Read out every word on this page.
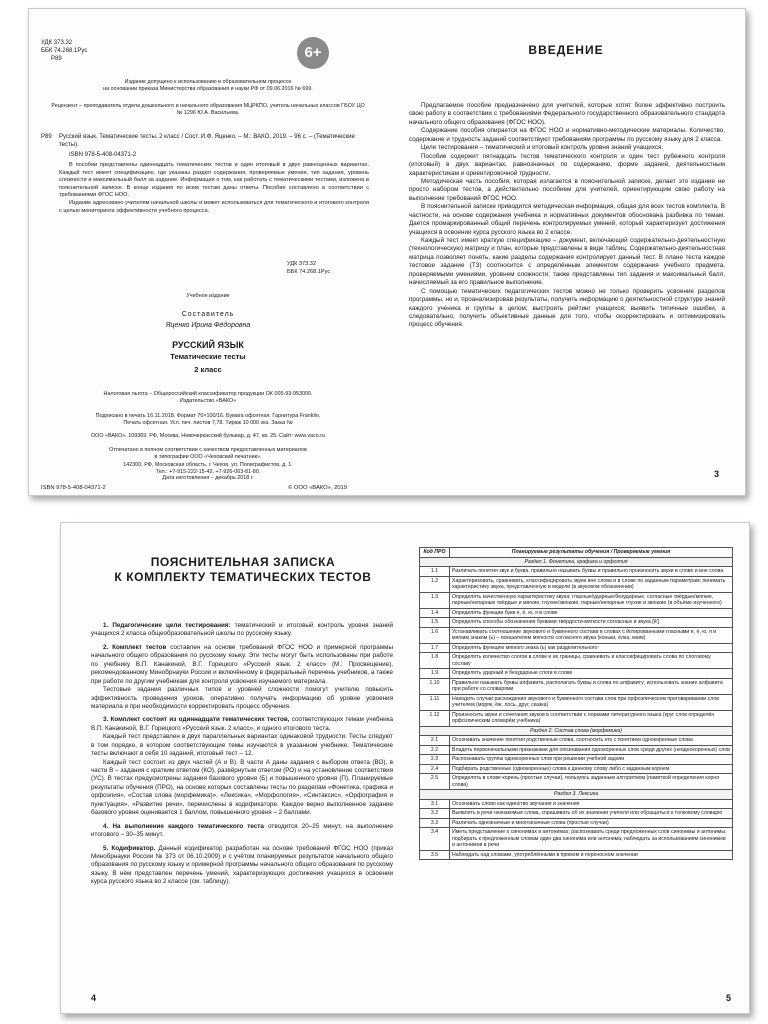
УДК 373.32
ББК 74.268.1Рус
Р89	6+
Издание допущено к использованию в образовательном процессе
на основании приказа Министерства образования и науки РФ от 09.06.2016 № 699.
Рецензент – преподаватель отдела дошкольного и начального образования МЦРКПО, учитель начальных классов ГБОУ ЦО № 1296 Ю.А. Васильева.
Р89 Русский язык. Тематические тесты. 2 класс / Сост. И.Ф. Яценко. – М.: ВАКО, 2019. – 96 с. – (Тематические тесты).
ISBN 978-5-408-04371-2
В пособии представлены одиннадцать тематических тестов и один итоговый в двух равноценных вариантах. Каждый тест имеет спецификацию, где указаны раздел содержания, проверяемые умения, тип задания, уровень сложности и максимальный балл за задание. Информация о том, как работать с тематическими тестами, изложена в пояснительной записке. В конце издания по всем тестам даны ответы. Пособие составлено в соответствии с требованиями ФГОС НОО.
Издание адресовано учителям начальной школы и может использоваться для тематического и итогового контроля с целью мониторинга эффективности учебного процесса.
УДК 373.32
ББК 74.268.1Рус
Учебное издание
Составитель
Яценко Ирина Фёдоровна
РУССКИЙ ЯЗЫК
Тематические тесты
2 класс
Налоговая льгота – Общероссийский классификатор продукции ОК 005-93-953000.
Издательство «ВАКО»
Подписано в печать 16.11.2018. Формат 70×100/16. Бумага офсетная. Гарнитура Franklin.
Печать офсетная. Усл. печ. листов 7,78. Тираж 10 000 экз. Заказ №
ООО «ВАКО». 109369, РФ, Москва, Новочеркасский бульвар, д. 47, кв. 25. Сайт: www.vaco.ru
Отпечатано в полном соответствии с качеством предоставленных материалов
в типографии ООО «Чеховский печатник».
142300, РФ, Московская область, г. Чехов, ул. Полиграфистов, д. 1.
Тел.: +7-915-222-15-42, +7-926-063-81-80.
Дата изготовления – декабрь 2018 г.
ISBN 978-5-408-04371-2	© ООО «ВАКО», 2019
ВВЕДЕНИЕ

Предлагаемое пособие предназначено для учителей, которые хотят более эффективно построить свою работу в соответствии с требованиями Федерального государственного образовательного стандарта начального общего образования (ФГОС НОО).

Содержание пособия опирается на ФГОС НОО и нормативно-методические материалы. Количество, содержание и трудность заданий соответствуют требованиям программы по русскому языку для 2 класса.

Цели тестирования – тематический и итоговый контроль уровня знаний учащихся.

Пособие содержит пятнадцать тестов тематического контроля и один тест рубежного контроля (итоговый) в двух вариантах, равнозначных по содержанию, форме заданий, деятельностным характеристикам и ориентировочной трудности.

Методическая часть пособия, которая излагается в пояснительной записке, делает это издание не просто набором тестов, а действительно пособием для учителей, ориентирующим свою работу на выполнение требований ФГОС НОО.

В пояснительной записке приводится методическая информация, общая для всех тестов комплекта. В частности, на основе содержания учебника и нормативных документов обоснована разбивка по темам. Дается промаркированный общий перечень контролируемых умений, который характеризует достижения учащихся в освоении курса русского языка во 2 классе.

Каждый тест имеет краткую спецификацию – документ, включающий содержательно-деятельностную (технологическую) матрицу и план, которые представлены в виде таблиц. Содержательно-деятельностная матрица позволяет понять, какие разделы содержания контролирует данный тест. В плане теста каждое тестовое задание (ТЗ) соотносится с определённым элементом содержания учебного предмета, проверяемыми умениями, уровнем сложности; также представлены тип задания и максимальный балл, начисляемый за его правильное выполнение.

С помощью тематических педагогических тестов можно не только проверить усвоение разделов программы, но и, проанализировав результаты, получить информацию о деятельностной структуре знаний каждого ученика и группы в целом; выстроить рейтинг учащихся; выявить типичные ошибки, а следовательно, получить объективные данные для того, чтобы скорректировать и оптимизировать процесс обучения.

3
ПОЯСНИТЕЛЬНАЯ ЗАПИСКА
К КОМПЛЕКТУ ТЕМАТИЧЕСКИХ ТЕСТОВ

1. Педагогические цели тестирования: тематический и итоговый контроль уровня знаний учащихся 2 класса общеобразовательной школы по русскому языку.

2. Комплект тестов составлен на основе требований ФГОС НОО и примерной программы начального общего образования по русскому языку. Эти тесты могут быть использованы при работе по учебнику В.П. Канакиной, В.Г. Горецкого «Русский язык. 2 класс» (М.: Просвещение), рекомендованному Минобрнауки России и включённому в федеральный перечень учебников, а также при работе по другим учебникам для контроля усвоения изучаемого материала.

Тестовые задания различных типов и уровней сложности помогут учителю повысить эффективность проведения уроков, оперативно получать информацию об уровне усвоения материала и при необходимости корректировать процесс обучения.

3. Комплект состоит из одиннадцати тематических тестов, соответствующих темам учебника В.П. Канакиной, В.Г. Горецкого «Русский язык. 2 класс», и одного итогового теста.

Каждый тест представлен в двух параллельных вариантах одинаковой трудности. Тесты следуют в том порядке, в котором соответствующие темы изучаются в указанном учебнике. Тематические тесты включают в себя 10 заданий, итоговый тест – 12.

Каждый тест состоит из двух частей (А и В). В части А даны задания с выбором ответа (ВО), в части В – задания с кратким ответом (КО), развёрнутым ответом (РО) и на установление соответствия (УС). В тестах предусмотрены задания базового уровня (Б) и повышенного уровня (П). Планируемые результаты обучения (ПРО), на основе которых составлены тесты по разделам «Фонетика, графика и орфоэпия», «Состав слова (морфемика)», «Лексика», «Морфология», «Синтаксис», «Орфография и пунктуация», «Развитие речи», перечислены в кодификаторе. Каждое верно выполненное задание базового уровня оценивается 1 баллом, повышенного уровня – 2 баллами.

4. На выполнение каждого тематического теста отводится 20–25 минут, на выполнение итогового – 30–35 минут.

5. Кодификатор. Данный кодификатор разработан на основе требований ФГОС НОО (приказ Минобрнауки России № 373 от 06.10.2009) и с учётом планируемых результатов начального общего образования по русскому языку и примерной программы начального общего образования по русскому языку. В нём представлен перечень умений, характеризующих достижения учащихся в освоении курса русского языка во 2 классе (см. таблицу).

4
Код ПРО	Планируемые результаты обучения / Проверяемые умения
Раздел 1. Фонетика, графика и орфоэпия	
1.1	Различать понятия звук и буква, правильно называть буквы и правильно произносить звуки в слове и вне слова
1.2	Характеризовать, сравнивать, классифицировать звуки вне слова и в слове по заданным параметрам; понимать характеристику звука, представленную в модели (в звуковом обозначении)
1.3	Определять качественную характеристику звука: гласные/ударные/безударные, согласные твёрдые/мягкие, парные/непарные твёрдые и мягкие, глухие/звонкие, парные/непарные глухие и звонкие (в объёме изученного)
1.4	Определять функции букв е, ё, ю, я в слове
1.5	Определять способы обозначения буквами твёрдости-мягкости согласных и звука [й']
1.6	Устанавливать соотношение звукового и буквенного состава в словах с йотированными гласными е, ё, ю, я и мягким знаком (ь) – показателем мягкости согласного звука (коньки, ёлка, маяк)
1.7	Определять функцию мягкого знака (ь) как разделительного
1.8	Определять количество слогов в слове и их границы, сравнивать и классифицировать слова по слоговому составу
1.9	Определять ударный и безударные слоги в слове
1.10	Правильно называть буквы алфавита, располагать буквы и слова по алфавиту; использовать знание алфавита при работе со словарями
1.11	Находить случаи расхождения звукового и буквенного состава слов при орфоэпическом проговаривании слов учителем (моряк, ёж, лось, друг, сказка)
1.12	Произносить звуки и сочетания звуков в соответствии с нормами литературного языка (круг слов определён орфоэпическим словарём учебника)
Раздел 2. Состав слова (морфемика)	
2.1	Осознавать значение понятия родственные слова, соотносить его с понятием однокоренные слова
2.2	Владеть первоначальными признаками для опознавания однокоренных слов среди других (неоднокоренных) слов
2.3	Распознавать группы однокоренных слов при решении учебной задачи
2.4	Подбирать родственные (однокоренные) слова к данному слову либо с заданным корнем
2.5	Определять в слове корень (простые случаи), пользуясь заданным алгоритмом (памяткой определения корня слова)
Раздел 3. Лексика	
3.1	Осознавать слово как единство звучания и значения
3.2	Выявлять в речи незнакомые слова, спрашивать об их значении учителя или обращаться к толковому словарю
3.3	Различать однозначные и многозначные слова (простые случаи)
3.4	Иметь представление о синонимах и антонимах; распознавать среди предложенных слов синонимы и антонимы; подбирать к предложенным словам один два синонима или антонима; наблюдать за использованием синонимов и антонимов в речи
3.5	Наблюдать над словами, употреблёнными в прямом и переносном значении
5
